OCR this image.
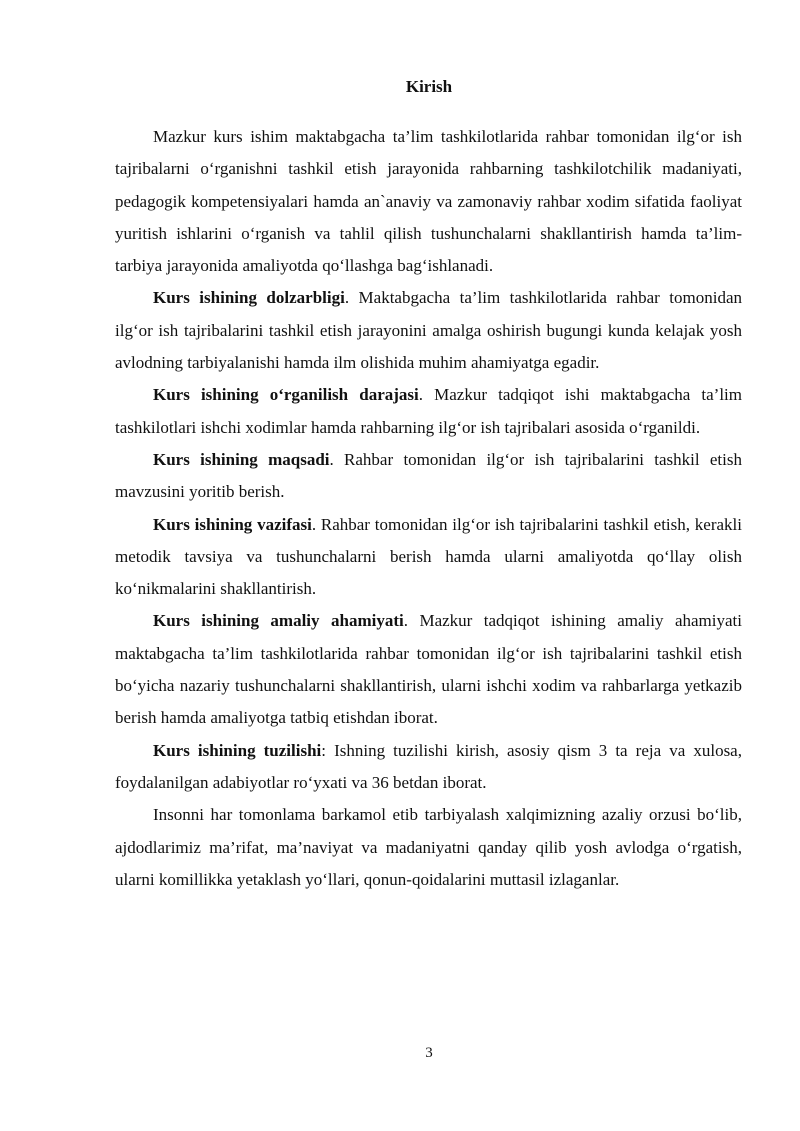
Kirish

Mazkur kurs ishim maktabgacha ta’lim tashkilotlarida rahbar tomonidan ilg‘or ish tajribalarni o‘rganishni tashkil etish jarayonida rahbarning tashkilotchilik madaniyati, pedagogik kompetensiyalari hamda an`anaviy va zamonaviy rahbar xodim sifatida faoliyat yuritish ishlarini o‘rganish va tahlil qilish tushunchalarni shakllantirish hamda ta’lim-tarbiya jarayonida amaliyotda qo‘llashga bag‘ishlanadi.

Kurs ishining dolzarbligi. Maktabgacha ta’lim tashkilotlarida rahbar tomonidan ilg‘or ish tajribalarini tashkil etish jarayonini amalga oshirish bugungi kunda kelajak yosh avlodning tarbiyalanishi hamda ilm olishida muhim ahamiyatga egadir.

Kurs ishining o‘rganilish darajasi. Mazkur tadqiqot ishi maktabgacha ta’lim tashkilotlari ishchi xodimlar hamda rahbarning ilg‘or ish tajribalari asosida o‘rganildi.

Kurs ishining maqsadi. Rahbar tomonidan ilg‘or ish tajribalarini tashkil etish mavzusini yoritib berish.

Kurs ishining vazifasi. Rahbar tomonidan ilg‘or ish tajribalarini tashkil etish, kerakli metodik tavsiya va tushunchalarni berish hamda ularni amaliyotda qo‘llay olish ko‘nikmalarini shakllantirish.

Kurs ishining amaliy ahamiyati. Mazkur tadqiqot ishining amaliy ahamiyati maktabgacha ta’lim tashkilotlarida rahbar tomonidan ilg‘or ish tajribalarini tashkil etish bo‘yicha nazariy tushunchalarni shakllantirish, ularni ishchi xodim va rahbarlarga yetkazib berish hamda amaliyotga tatbiq etishdan iborat.

Kurs ishining tuzilishi: Ishning tuzilishi kirish, asosiy qism 3 ta reja va xulosa, foydalanilgan adabiyotlar ro‘yxati va 36 betdan iborat.

Insonni har tomonlama barkamol etib tarbiyalash xalqimizning azaliy orzusi bo‘lib, ajdodlarimiz ma’rifat, ma’naviyat va madaniyatni qanday qilib yosh avlodga o‘rgatish, ularni komillikka yetaklash yo‘llari, qonun-qoidalarini muttasil izlaganlar.

3
